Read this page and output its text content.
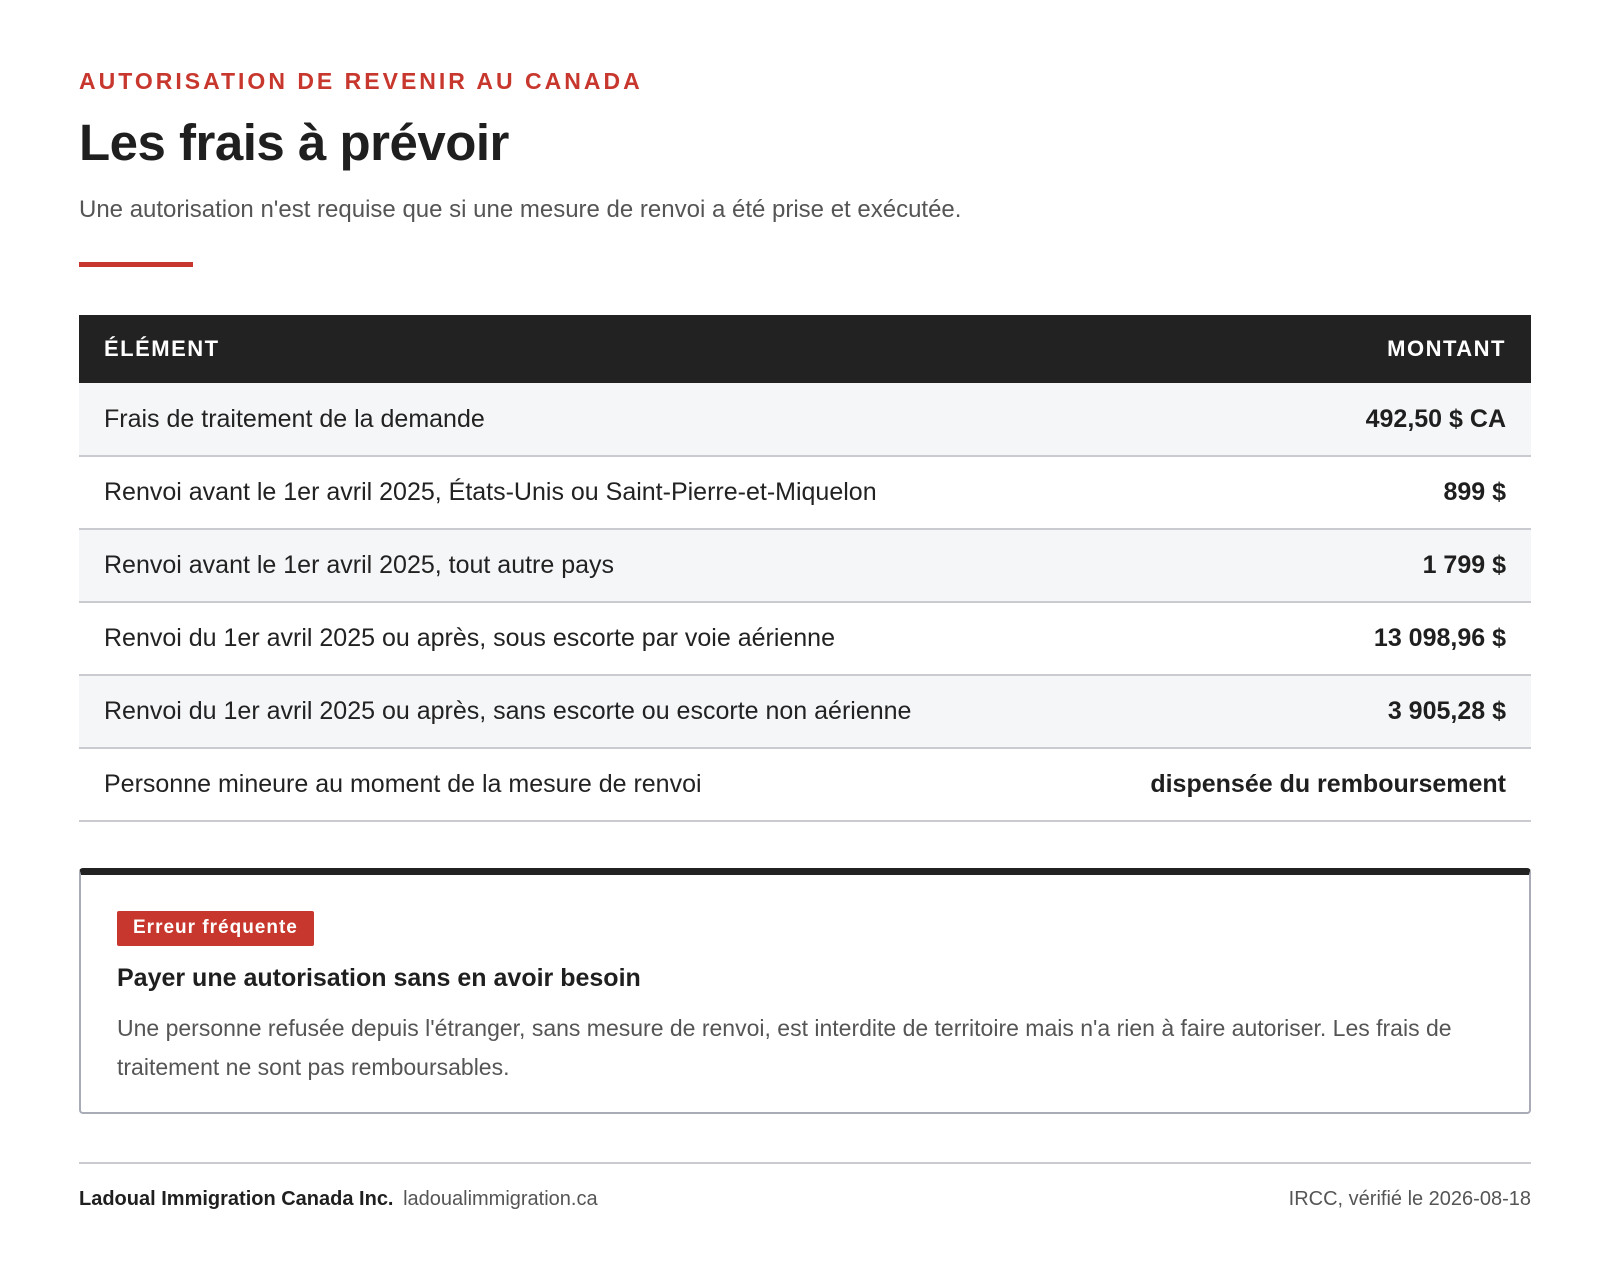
AUTORISATION DE REVENIR AU CANADA
Les frais à prévoir
Une autorisation n'est requise que si une mesure de renvoi a été prise et exécutée.
ÉLÉMENT	MONTANT
Frais de traitement de la demande	492,50 $ CA
Renvoi avant le 1er avril 2025, États-Unis ou Saint-Pierre-et-Miquelon	899 $
Renvoi avant le 1er avril 2025, tout autre pays	1 799 $
Renvoi du 1er avril 2025 ou après, sous escorte par voie aérienne	13 098,96 $
Renvoi du 1er avril 2025 ou après, sans escorte ou escorte non aérienne	3 905,28 $
Personne mineure au moment de la mesure de renvoi	dispensée du remboursement
Erreur fréquente
Payer une autorisation sans en avoir besoin
Une personne refusée depuis l'étranger, sans mesure de renvoi, est interdite de territoire mais n'a rien à faire autoriser. Les frais de traitement ne sont pas remboursables.
Ladoual Immigration Canada Inc. ladoualimmigration.ca	IRCC, vérifié le 2026-08-18
